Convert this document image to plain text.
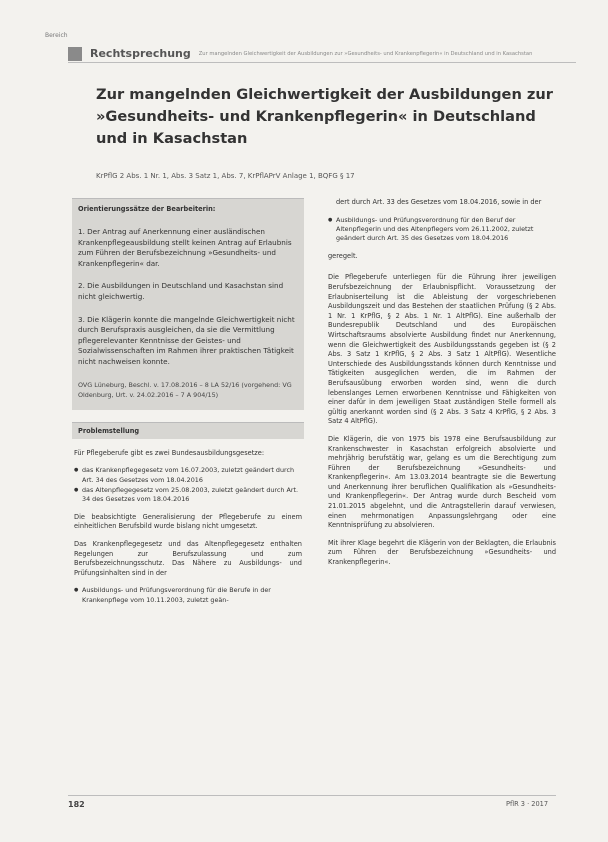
Bereich
Rechtsprechung Zur mangelnden Gleichwertigkeit der Ausbildungen zur »Gesundheits- und Krankenpflegerin« in Deutschland und in Kasachstan
Zur mangelnden Gleichwertigkeit der Ausbildungen zur »Gesundheits- und Krankenpflegerin« in Deutschland und in Kasachstan
KrPflG 2 Abs. 1 Nr. 1, Abs. 3 Satz 1, Abs. 7, KrPflAPrV Anlage 1, BQFG § 17
Orientierungssätze der Bearbeiterin:
1. Der Antrag auf Anerkennung einer ausländischen Krankenpflegeausbildung stellt keinen Antrag auf Erlaubnis zum Führen der Berufsbezeichnung »Gesundheits- und Krankenpflegerin« dar.
2. Die Ausbildungen in Deutschland und Kasachstan sind nicht gleichwertig.
3. Die Klägerin konnte die mangelnde Gleichwertigkeit nicht durch Berufspraxis ausgleichen, da sie die Vermittlung pflegerelevanter Kenntnisse der Geistes- und Sozialwissenschaften im Rahmen ihrer praktischen Tätigkeit nicht nachweisen konnte.
OVG Lüneburg, Beschl. v. 17.08.2016 – 8 LA 52/16 (vorgehend: VG Oldenburg, Urt. v. 24.02.2016 – 7 A 904/15)
Problemstellung

Für Pflegeberufe gibt es zwei Bundesausbildungsgesetze:

● das Krankenpflegegesetz vom 16.07.2003, zuletzt geändert durch Art. 34 des Gesetzes vom 18.04.2016
● das Altenpflegegesetz vom 25.08.2003, zuletzt geändert durch Art. 34 des Gesetzes vom 18.04.2016

Die beabsichtigte Generalisierung der Pflegeberufe zu einem einheitlichen Berufsbild wurde bislang nicht umgesetzt.

Das Krankenpflegegesetz und das Altenpflegegesetz enthalten Regelungen zur Berufszulassung und zum Berufsbezeichnungsschutz. Das Nähere zu Ausbildungs- und Prüfungsinhalten sind in der

● Ausbildungs- und Prüfungsverordnung für die Berufe in der Krankenpflege vom 10.11.2003, zuletzt geän-

dert durch Art. 33 des Gesetzes vom 18.04.2016, sowie in der

● Ausbildungs- und Prüfungsverordnung für den Beruf der Altenpflegerin und des Altenpflegers vom 26.11.2002, zuletzt geändert durch Art. 35 des Gesetzes vom 18.04.2016

geregelt.

Die Pflegeberufe unterliegen für die Führung ihrer jeweiligen Berufsbezeichnung der Erlaubnispflicht. Voraussetzung der Erlaubniserteilung ist die Ableistung der vorgeschriebenen Ausbildungszeit und das Bestehen der staatlichen Prüfung (§ 2 Abs. 1 Nr. 1 KrPflG, § 2 Abs. 1 Nr. 1 AltPflG). Eine außerhalb der Bundesrepublik Deutschland und des Europäischen Wirtschaftsraums absolvierte Ausbildung findet nur Anerkennung, wenn die Gleichwertigkeit des Ausbildungsstands gegeben ist (§ 2 Abs. 3 Satz 1 KrPflG, § 2 Abs. 3 Satz 1 AltPflG). Wesentliche Unterschiede des Ausbildungsstands können durch Kenntnisse und Tätigkeiten ausgeglichen werden, die im Rahmen der Berufsausübung erworben worden sind, wenn die durch lebenslanges Lernen erworbenen Kenntnisse und Fähigkeiten von einer dafür in dem jeweiligen Staat zuständigen Stelle formell als gültig anerkannt worden sind (§ 2 Abs. 3 Satz 4 KrPflG, § 2 Abs. 3 Satz 4 AltPflG).

Die Klägerin, die von 1975 bis 1978 eine Berufsausbildung zur Krankenschwester in Kasachstan erfolgreich absolvierte und mehrjährig berufstätig war, gelang es um die Berechtigung zum Führen der Berufsbezeichnung »Gesundheits- und Krankenpflegerin«. Am 13.03.2014 beantragte sie die Bewertung und Anerkennung ihrer beruflichen Qualifikation als »Gesundheits- und Krankenpflegerin«. Der Antrag wurde durch Bescheid vom 21.01.2015 abgelehnt, und die Antragstellerin darauf verwiesen, einen mehrmonatigen Anpassungslehrgang oder eine Kenntnisprüfung zu absolvieren.

Mit ihrer Klage begehrt die Klägerin von der Beklagten, die Erlaubnis zum Führen der Berufsbezeichnung »Gesundheits- und Krankenpflegerin«.

182	PflR 3 · 2017
